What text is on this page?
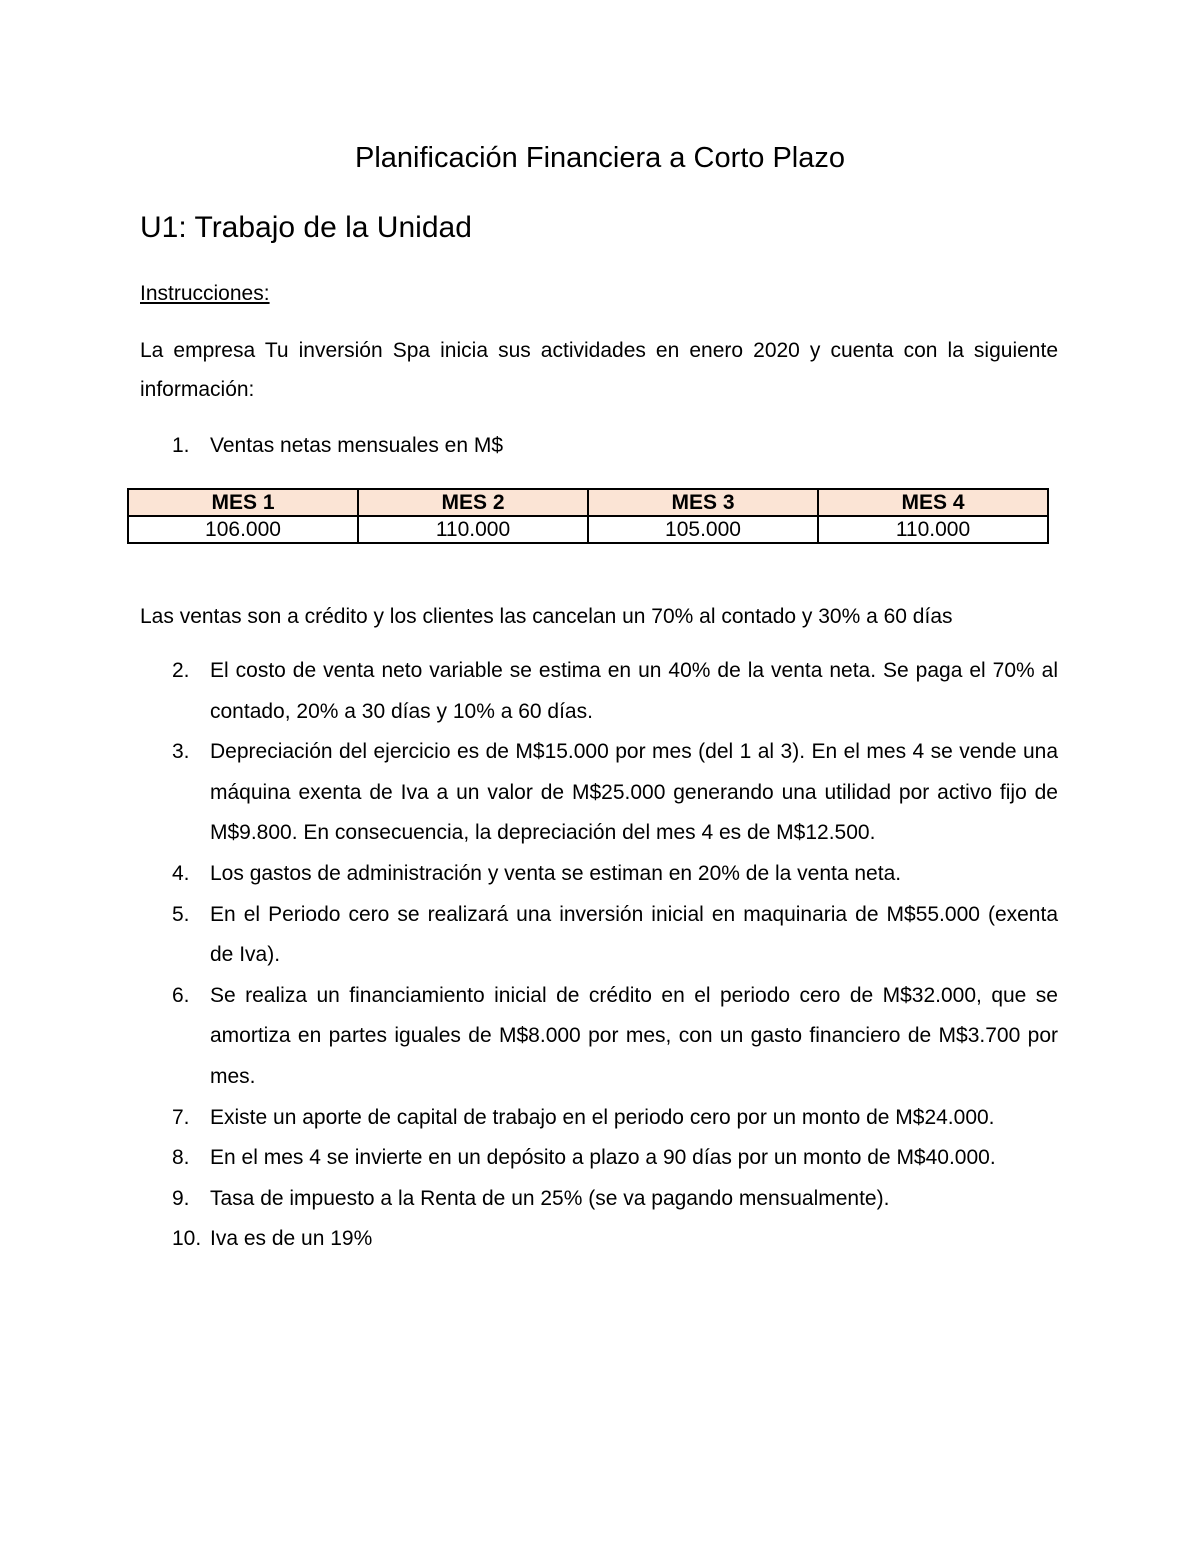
Planificación Financiera a Corto Plazo
U1: Trabajo de la Unidad
Instrucciones:

La empresa Tu inversión Spa inicia sus actividades en enero 2020 y cuenta con la siguiente información:

1. Ventas netas mensuales en M$
MES 1	MES 2	MES 3	MES 4
106.000	110.000	105.000	110.000

Las ventas son a crédito y los clientes las cancelan un 70% al contado y 30% a 60 días

2. El costo de venta neto variable se estima en un 40% de la venta neta. Se paga el 70% al contado, 20% a 30 días y 10% a 60 días.
3. Depreciación del ejercicio es de M$15.000 por mes (del 1 al 3). En el mes 4 se vende una máquina exenta de Iva a un valor de M$25.000 generando una utilidad por activo fijo de M$9.800. En consecuencia, la depreciación del mes 4 es de M$12.500.
4. Los gastos de administración y venta se estiman en 20% de la venta neta.
5. En el Periodo cero se realizará una inversión inicial en maquinaria de M$55.000 (exenta de Iva).
6. Se realiza un financiamiento inicial de crédito en el periodo cero de M$32.000, que se amortiza en partes iguales de M$8.000 por mes, con un gasto financiero de M$3.700 por mes.
7. Existe un aporte de capital de trabajo en el periodo cero por un monto de M$24.000.
8. En el mes 4 se invierte en un depósito a plazo a 90 días por un monto de M$40.000.
9. Tasa de impuesto a la Renta de un 25% (se va pagando mensualmente).
10. Iva es de un 19%
